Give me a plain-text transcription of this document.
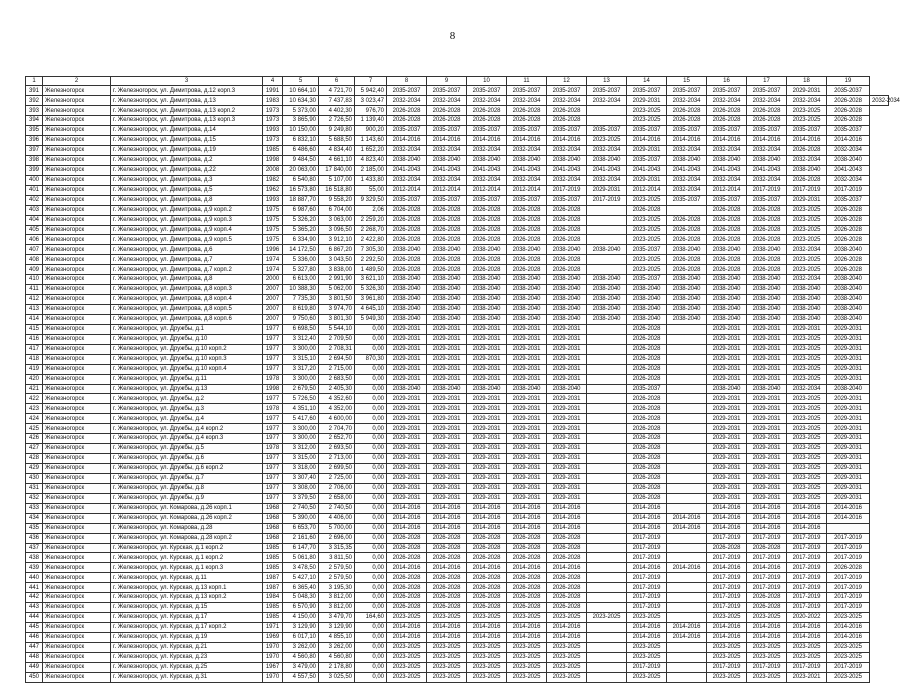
8
1	2	3	4	5	6	7	8	9	10	11	12	13	14	15	16	17	18	19	
391	Железногорск	г. Железногорск, ул. Димитрова, д.12 корп.3	1991	10 664,10	4 721,70	5 942,40	2035-2037	2035-2037	2035-2037	2035-2037	2035-2037	2035-2037	2035-2037	2035-2037	2035-2037	2035-2037	2029-2031	2035-2037	
392	Железногорск	г. Железногорск, ул. Димитрова, д.13	1983	10 634,30	7 437,83	3 023,47	2032-2034	2032-2034	2032-2034	2032-2034	2032-2034	2032-2034	2029-2031	2032-2034	2032-2034	2032-2034	2032-2034	2026-2028	2032-2034
393	Железногорск	г. Железногорск, ул. Димитрова, д.13 корп.2	1973	5 373,00	4 402,30	976,70	2026-2028	2026-2028	2026-2028	2026-2028	2026-2028		2023-2025	2026-2028	2026-2028	2026-2028	2023-2025	2026-2028	
394	Железногорск	г. Железногорск, ул. Димитрова, д.13 корп.3	1973	3 865,90	2 726,50	1 139,40	2026-2028	2026-2028	2026-2028	2026-2028	2026-2028		2023-2025	2026-2028	2026-2028	2026-2028	2023-2025	2026-2028	
395	Железногорск	г. Железногорск, ул. Димитрова, д.14	1993	10 150,00	9 249,80	900,20	2035-2037	2035-2037	2035-2037	2035-2037	2035-2037	2035-2037	2035-2037	2035-2037	2035-2037	2035-2037	2035-2037	2035-2037	
396	Железногорск	г. Железногорск, ул. Димитрова, д.15	1973	6 832,10	5 688,50	1 143,60	2014-2016	2014-2016	2014-2016	2014-2016	2014-2016	2023-2025	2014-2016	2014-2016	2014-2016	2014-2016	2014-2016	2014-2016	
397	Железногорск	г. Железногорск, ул. Димитрова, д.19	1985	6 486,60	4 834,40	1 652,20	2032-2034	2032-2034	2032-2034	2032-2034	2032-2034	2032-2034	2029-2031	2032-2034	2032-2034	2032-2034	2026-2028	2032-2034	
398	Железногорск	г. Железногорск, ул. Димитрова, д.2	1998	9 484,50	4 661,10	4 823,40	2038-2040	2038-2040	2038-2040	2038-2040	2038-2040	2038-2040	2035-2037	2038-2040	2038-2040	2038-2040	2032-2034	2038-2040	
399	Железногорск	г. Железногорск, ул. Димитрова, д.22	2008	20 063,00	17 840,00	2 185,00	2041-2043	2041-2043	2041-2043	2041-2043	2041-2043	2041-2043	2041-2043	2041-2043	2041-2043	2041-2043	2038-2040	2041-2043	
400	Железногорск	г. Железногорск, ул. Димитрова, д.3	1982	6 540,80	5 107,00	1 433,80	2032-2034	2032-2034	2032-2034	2032-2034	2032-2034	2032-2034	2029-2031	2032-2034	2032-2034	2032-2034	2026-2028	2032-2034	
401	Железногорск	г. Железногорск, ул. Димитрова, д.5	1962	16 573,80	16 518,80	55,00	2012-2014	2012-2014	2012-2014	2012-2014	2017-2019	2029-2031	2012-2014	2032-2034	2012-2014	2017-2019	2017-2019	2017-2019	
402	Железногорск	г. Железногорск, ул. Димитрова, д.8	1993	18 887,70	9 558,20	9 329,50	2035-2037	2035-2037	2035-2037	2035-2037	2035-2037	2017-2019	2023-2025	2035-2037	2035-2037	2035-2037	2029-2031	2035-2037	
403	Железногорск	г. Железногорск, ул. Димитрова, д.9 корп.2	1975	6 987,60	6 704,00	2,06	2026-2028	2026-2028	2026-2028	2026-2028	2026-2028		2026-2028		2026-2028	2026-2028	2023-2025	2026-2028	
404	Железногорск	г. Железногорск, ул. Димитрова, д.9 корп.3	1975	5 326,20	3 063,00	2 259,20	2026-2028	2026-2028	2026-2028	2026-2028	2026-2028		2023-2025	2026-2028	2026-2028	2026-2028	2023-2025	2026-2028	
405	Железногорск	г. Железногорск, ул. Димитрова, д.9 корп.4	1975	5 365,20	3 096,50	2 268,70	2026-2028	2026-2028	2026-2028	2026-2028	2026-2028		2023-2025	2026-2028	2026-2028	2026-2028	2023-2025	2026-2028	
406	Железногорск	г. Железногорск, ул. Димитрова, д.9 корп.5	1975	6 334,90	3 912,10	2 422,80	2026-2028	2026-2028	2026-2028	2026-2028	2026-2028		2023-2025	2026-2028	2026-2028	2026-2028	2023-2025	2026-2028	
407	Железногорск	г. Железногорск, ул. Димитрова, д.6	1996	14 172,50	6 867,20	7 305,30	2038-2040	2038-2040	2038-2040	2038-2040	2038-2040	2038-2040	2035-2037	2038-2040	2038-2040	2038-2040	2032-2034	2038-2040	
408	Железногорск	г. Железногорск, ул. Димитрова, д.7	1974	5 336,00	3 043,50	2 292,50	2026-2028	2026-2028	2026-2028	2026-2028	2026-2028		2023-2025	2026-2028	2026-2028	2026-2028	2023-2025	2026-2028	
409	Железногорск	г. Железногорск, ул. Димитрова, д.7 корп.2	1974	5 327,80	3 838,00	1 489,50	2026-2028	2026-2028	2026-2028	2026-2028	2026-2028		2023-2025	2026-2028	2026-2028	2026-2028	2023-2025	2026-2028	
410	Железногорск	г. Железногорск, ул. Димитрова, д.8	2000	6 613,00	2 991,90	3 621,10	2038-2040	2038-2040	2038-2040	2038-2040	2038-2040	2038-2040	2035-2037	2038-2040	2038-2040	2038-2040	2032-2034	2038-2040	
411	Железногорск	г. Железногорск, ул. Димитрова, д.8 корп.3	2007	10 388,30	5 062,00	5 326,30	2038-2040	2038-2040	2038-2040	2038-2040	2038-2040	2038-2040	2038-2040	2038-2040	2038-2040	2038-2040	2038-2040	2038-2040	
412	Железногорск	г. Железногорск, ул. Димитрова, д.8 корп.4	2007	7 735,30	3 801,50	3 961,80	2038-2040	2038-2040	2038-2040	2038-2040	2038-2040	2038-2040	2038-2040	2038-2040	2038-2040	2038-2040	2038-2040	2038-2040	
413	Железногорск	г. Железногорск, ул. Димитрова, д.8 корп.5	2007	8 619,80	3 974,70	4 645,10	2038-2040	2038-2040	2038-2040	2038-2040	2038-2040	2038-2040	2038-2040	2038-2040	2038-2040	2038-2040	2038-2040	2038-2040	
414	Железногорск	г. Железногорск, ул. Димитрова, д.8 корп.6	2007	9 750,60	3 801,30	5 949,30	2038-2040	2038-2040	2038-2040	2038-2040	2038-2040	2038-2040	2038-2040	2038-2040	2038-2040	2038-2040	2038-2040	2038-2040	
415	Железногорск	г. Железногорск, ул. Дружбы, д.1	1977	6 698,50	5 544,10	0,00	2029-2031	2029-2031	2029-2031	2029-2031	2029-2031		2026-2028		2029-2031	2029-2031	2029-2031	2029-2031	
416	Железногорск	г. Железногорск, ул. Дружбы, д.10	1977	3 312,40	2 709,50	0,00	2029-2031	2029-2031	2029-2031	2029-2031	2029-2031		2026-2028		2029-2031	2029-2031	2023-2025	2029-2031	
417	Железногорск	г. Железногорск, ул. Дружбы, д.10 корп.2	1977	3 300,00	2 708,31	0,00	2029-2031	2029-2031	2029-2031	2029-2031	2029-2031		2026-2028		2029-2031	2029-2031	2023-2025	2029-2031	
418	Железногорск	г. Железногорск, ул. Дружбы, д.10 корп.3	1977	3 315,10	2 694,50	870,30	2029-2031	2029-2031	2029-2031	2029-2031	2029-2031		2026-2028		2029-2031	2029-2031	2023-2025	2029-2031	
419	Железногорск	г. Железногорск, ул. Дружбы, д.10 корп.4	1977	3 317,20	2 715,00	0,00	2029-2031	2029-2031	2029-2031	2029-2031	2029-2031		2026-2028		2029-2031	2029-2031	2023-2025	2029-2031	
420	Железногорск	г. Железногорск, ул. Дружбы, д.11	1978	3 300,00	2 683,50	0,00	2029-2031	2029-2031	2029-2031	2029-2031	2029-2031		2026-2028		2029-2031	2029-2031	2023-2025	2029-2031	
421	Железногорск	г. Железногорск, ул. Дружбы, д.13	1998	2 679,50	2 405,30	0,00	2038-2040	2038-2040	2038-2040	2038-2040	2038-2040		2035-2037		2038-2040	2038-2040	2032-2034	2038-2040	
422	Железногорск	г. Железногорск, ул. Дружбы, д.2	1977	5 726,50	4 352,60	0,00	2029-2031	2029-2031	2029-2031	2029-2031	2029-2031		2026-2028		2029-2031	2029-2031	2023-2025	2029-2031	
423	Железногорск	г. Железногорск, ул. Дружбы, д.3	1978	4 351,10	4 352,00	0,00	2029-2031	2029-2031	2029-2031	2029-2031	2029-2031		2026-2028		2029-2031	2029-2031	2023-2025	2029-2031	
424	Железногорск	г. Железногорск, ул. Дружбы, д.4	1977	5 417,60	4 600,00	0,00	2029-2031	2029-2031	2029-2031	2029-2031	2029-2031		2026-2028		2029-2031	2029-2031	2023-2025	2029-2031	
425	Железногорск	г. Железногорск, ул. Дружбы, д.4 корп.2	1977	3 300,00	2 704,70	0,00	2029-2031	2029-2031	2029-2031	2029-2031	2029-2031		2026-2028		2029-2031	2029-2031	2023-2025	2029-2031	
426	Железногорск	г. Железногорск, ул. Дружбы, д.4 корп.3	1977	3 300,00	2 652,70	0,00	2029-2031	2029-2031	2029-2031	2029-2031	2029-2031		2026-2028		2029-2031	2029-2031	2023-2025	2029-2031	
427	Железногорск	г. Железногорск, ул. Дружбы, д.5	1978	3 312,00	2 693,50	0,00	2029-2031	2029-2031	2029-2031	2029-2031	2029-2031		2026-2028		2029-2031	2029-2031	2023-2025	2029-2031	
428	Железногорск	г. Железногорск, ул. Дружбы, д.6	1977	3 315,00	2 713,00	0,00	2029-2031	2029-2031	2029-2031	2029-2031	2029-2031		2026-2028		2029-2031	2029-2031	2023-2025	2029-2031	
429	Железногорск	г. Железногорск, ул. Дружбы, д.6 корп.2	1977	3 318,00	2 699,50	0,00	2029-2031	2029-2031	2029-2031	2029-2031	2029-2031		2026-2028		2029-2031	2029-2031	2023-2025	2029-2031	
430	Железногорск	г. Железногорск, ул. Дружбы, д.7	1977	3 307,40	2 725,00	0,00	2029-2031	2029-2031	2029-2031	2029-2031	2029-2031		2026-2028		2029-2031	2029-2031	2023-2025	2029-2031	
431	Железногорск	г. Железногорск, ул. Дружбы, д.8	1977	3 308,00	2 706,00	0,00	2029-2031	2029-2031	2029-2031	2029-2031	2029-2031		2026-2028		2029-2031	2029-2031	2023-2025	2029-2031	
432	Железногорск	г. Железногорск, ул. Дружбы, д.9	1977	3 379,50	2 658,00	0,00	2029-2031	2029-2031	2029-2031	2029-2031	2029-2031		2026-2028		2029-2031	2029-2031	2023-2025	2029-2031	
433	Железногорск	г. Железногорск, ул. Комарова, д.26 корп.1	1968	2 740,50	2 740,50	0,00	2014-2016	2014-2016	2014-2016	2014-2016	2014-2016		2014-2016		2014-2016	2014-2016	2014-2016	2014-2016	
434	Железногорск	г. Железногорск, ул. Комарова, д.26 корп.2	1968	5 390,00	4 406,00	0,00	2014-2016	2014-2016	2014-2016	2014-2016	2014-2016		2014-2016	2014-2016	2014-2016	2014-2016	2014-2016	2014-2016	
435	Железногорск	г. Железногорск, ул. Комарова, д.28	1968	6 653,70	5 700,00	0,00	2014-2016	2014-2016	2014-2016	2014-2016	2014-2016		2014-2016	2014-2016	2014-2016	2014-2016	2014-2016		
436	Железногорск	г. Железногорск, ул. Комарова, д.28 корп.2	1968	2 161,60	2 696,00	0,00	2026-2028	2026-2028	2026-2028	2026-2028	2026-2028		2017-2019		2017-2019	2017-2019	2017-2019	2017-2019	
437	Железногорск	г. Железногорск, ул. Курская, д.1 корп.2	1985	6 147,70	3 315,35	0,00	2026-2028	2026-2028	2026-2028	2026-2028	2026-2028		2017-2019		2026-2028	2026-2028	2017-2019	2017-2019	
438	Железногорск	г. Железногорск, ул. Курская, д.1 корп.2	1985	5 061,80	3 811,50	0,00	2026-2028	2026-2028	2026-2028	2026-2028	2026-2028		2017-2019		2017-2019	2017-2019	2017-2019	2017-2019	
439	Железногорск	г. Железногорск, ул. Курская, д.1 корп.3	1985	3 478,50	2 579,50	0,00	2014-2016	2014-2016	2014-2016	2014-2016	2014-2016		2014-2016	2014-2016	2014-2016	2014-2016	2017-2019	2026-2028	
440	Железногорск	г. Железногорск, ул. Курская, д.11	1987	5 427,10	2 579,50	0,00	2026-2028	2026-2028	2026-2028	2026-2028	2026-2028		2017-2019		2017-2019	2017-2019	2017-2019	2017-2019	
441	Железногорск	г. Железногорск, ул. Курская, д.13 корп.1	1987	6 365,40	3 195,30	0,00	2026-2028	2026-2028	2026-2028	2026-2028	2026-2028		2017-2019		2017-2019	2017-2019	2017-2019	2017-2019	
442	Железногорск	г. Железногорск, ул. Курская, д.13 корп.2	1984	5 048,30	3 812,00	0,00	2026-2028	2026-2028	2026-2028	2026-2028	2026-2028		2017-2019		2017-2019	2026-2028	2017-2019	2017-2019	
443	Железногорск	г. Железногорск, ул. Курская, д.15	1985	6 570,90	3 812,00	0,00	2026-2028	2026-2028	2026-2028	2026-2028	2026-2028		2017-2019		2017-2019	2026-2028	2017-2019	2017-2019	
444	Железногорск	г. Железногорск, ул. Курская, д.17	1985	4 150,00	3 479,70	164,60	2023-2025	2023-2025	2023-2025	2023-2025	2023-2025	2023-2025	2023-2025		2023-2025	2023-2025	2020-2022	2023-2025	
445	Железногорск	г. Железногорск, ул. Курская, д.17 корп.2	1971	3 129,90	3 129,90	0,00	2014-2016	2014-2016	2014-2016	2014-2016	2014-2016		2014-2016	2014-2016	2014-2016	2014-2016	2014-2016	2014-2016	
446	Железногорск	г. Железногорск, ул. Курская, д.19	1969	6 017,10	4 855,10	0,00	2014-2016	2014-2016	2014-2016	2014-2016	2014-2016		2014-2016	2014-2016	2014-2016	2014-2016	2014-2016	2014-2016	
447	Железногорск	г. Железногорск, ул. Курская, д.21	1970	3 262,00	3 262,00	0,00	2023-2025	2023-2025	2023-2025	2023-2025	2023-2025		2023-2025		2023-2025	2023-2025	2023-2025	2023-2025	
448	Железногорск	г. Железногорск, ул. Курская, д.23	1970	4 560,80	4 560,80	0,00	2023-2025	2023-2025	2023-2025	2023-2025	2023-2025		2023-2025		2023-2025	2023-2025	2023-2025	2023-2025	
449	Железногорск	г. Железногорск, ул. Курская, д.25	1967	3 479,00	2 178,80	0,00	2023-2025	2023-2025	2023-2025	2023-2025	2023-2025		2017-2019		2017-2019	2017-2019	2017-2019	2017-2019	
450	Железногорск	г. Железногорск, ул. Курская, д.31	1970	4 557,50	3 025,50	0,00	2023-2025	2023-2025	2023-2025	2023-2025	2023-2025		2023-2025		2023-2025	2023-2025	2023-2021	2023-2025	
